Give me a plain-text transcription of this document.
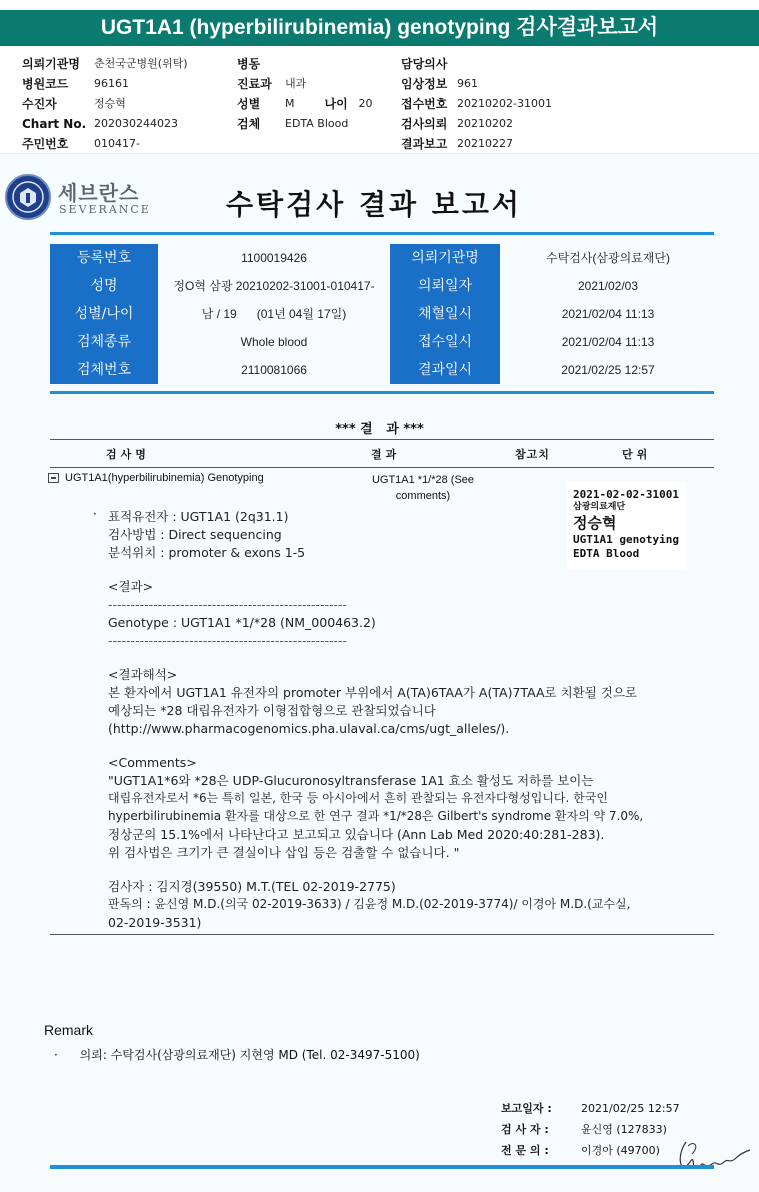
UGT1A1 (hyperbilirubinemia) genotyping 검사결과보고서
의뢰기관명	춘천국군병원(위탁)
병원코드	96161
수진자	정승혁
Chart No. 202030244023
주민번호	010417-
병동
진료과	내과
성별	M	나이 20
검체	EDTA Blood
담당의사
임상정보 961
접수번호 20210202-31001
검사의뢰 20210202
결과보고 20210227
세브란스
SEVERANCE	수탁검사 결과 보고서
등록번호	1100019426	의뢰기관명	수탁검사(삼광의료재단)
성명	정O혁 삼광 20210202-31001-010417-	의뢰일자	2021/02/03
성별/나이	남 / 19      (01년 04월 17일)	채혈일시	2021/02/04 11:13
검체종류	Whole blood	접수일시	2021/02/04 11:13
검체번호	2110081066	결과일시	2021/02/25 12:57
*** 결   과 ***
검사명	결과	참고치	단위
UGT1A1(hyperbilirubinemia) Genotyping	UGT1A1 *1/*28 (See
comments)	2021-02-02-31001
삼광의료재단
정승혁
UGT1A1 genotying
EDTA Blood
· 표적유전자 : UGT1A1 (2q31.1)
검사방법 : Direct sequencing
분석위치 : promoter & exons 1-5
<결과>
-----------------------------------------------------
Genotype : UGT1A1 *1/*28 (NM_000463.2)
-----------------------------------------------------
<결과해석>
본 환자에서 UGT1A1 유전자의 promoter 부위에서 A(TA)6TAA가 A(TA)7TAA로 치환될 것으로
예상되는 *28 대립유전자가 이형접합형으로 관찰되었습니다
(http://www.pharmacogenomics.pha.ulaval.ca/cms/ugt_alleles/).
<Comments>
"UGT1A1*6와 *28은 UDP-Glucuronosyltransferase 1A1 효소 활성도 저하를 보이는
대립유전자로서 *6는 특히 일본, 한국 등 아시아에서 흔히 관찰되는 유전자다형성입니다. 한국인
hyperbilirubinemia 환자를 대상으로 한 연구 결과 *1/*28은 Gilbert's syndrome 환자의 약 7.0%,
정상군의 15.1%에서 나타난다고 보고되고 있습니다 (Ann Lab Med 2020:40:281-283).
위 검사법은 크기가 큰 결실이나 삽입 등은 검출할 수 없습니다. "
검사자 : 김지경(39550) M.T.(TEL 02-2019-2775)
판독의 : 윤신영 M.D.(의국 02-2019-3633) / 김윤정 M.D.(02-2019-3774)/ 이경아 M.D.(교수실,
02-2019-3531)
Remark
· 의뢰: 수탁검사(삼광의료재단) 지현영 MD (Tel. 02-3497-5100)
보고일자 :	2021/02/25 12:57
검 사 자 :	윤신영 (127833)
전 문 의 :	이경아 (49700)
